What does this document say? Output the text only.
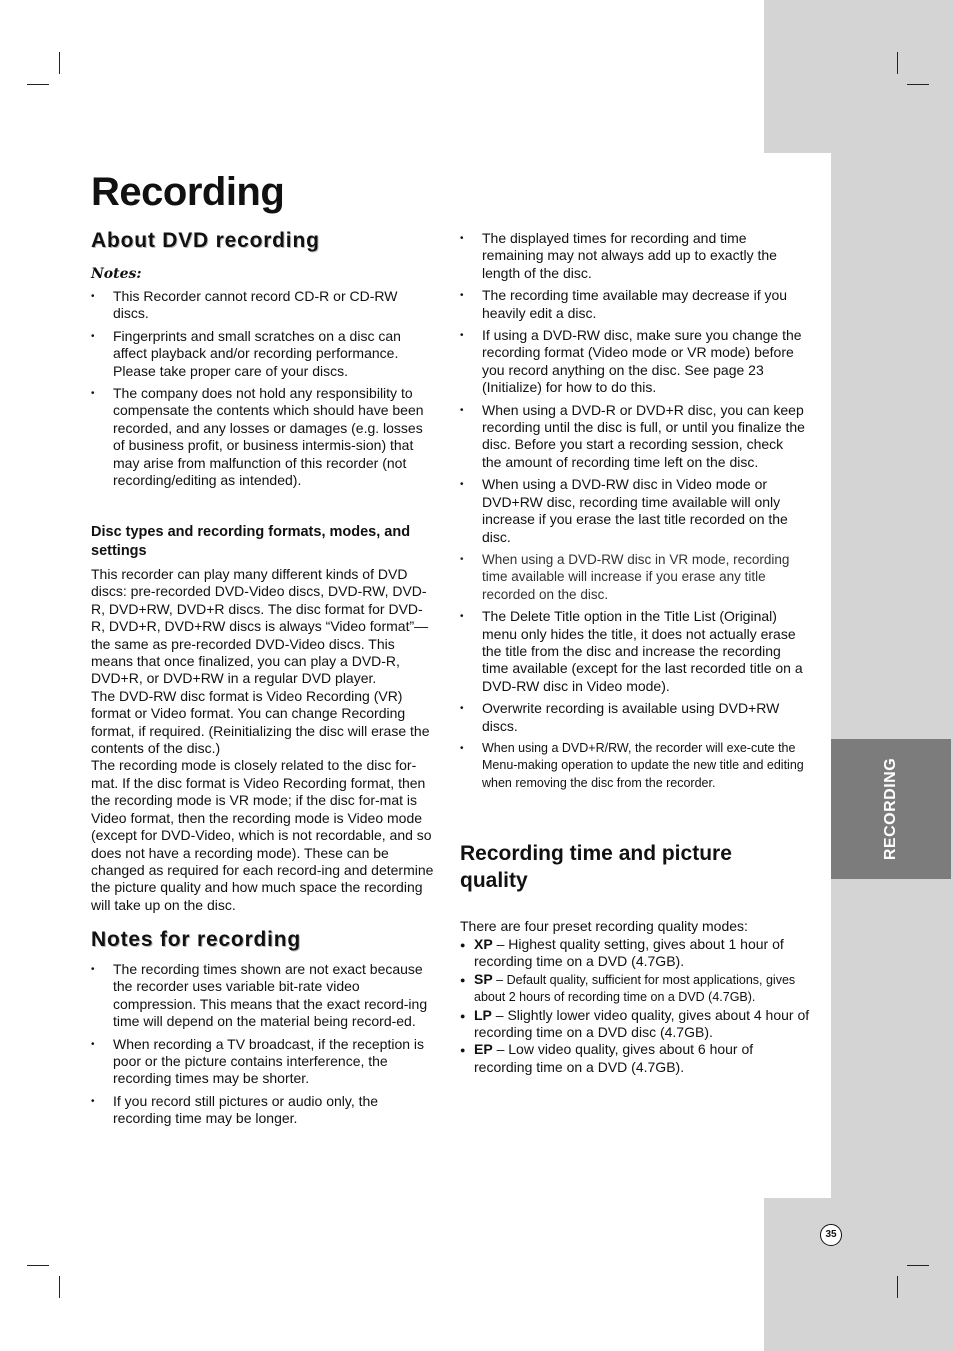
RECORDING
Recording
About DVD recording
Notes:
• This Recorder cannot record CD-R or CD-RW discs.
• Fingerprints and small scratches on a disc can affect playback and/or recording performance. Please take proper care of your discs.
• The company does not hold any responsibility to compensate the contents which should have been recorded, and any losses or damages (e.g. losses of business profit, or business intermis-sion) that may arise from malfunction of this recorder (not recording/editing as intended).
Disc types and recording formats, modes, and settings

This recorder can play many different kinds of DVD discs: pre-recorded DVD-Video discs, DVD-RW, DVD-R, DVD+RW, DVD+R discs. The disc format for DVD-R, DVD+R, DVD+RW discs is always “Video format”—the same as pre-recorded DVD-Video discs. This means that once finalized, you can play a DVD-R, DVD+R, or DVD+RW in a regular DVD player.

The DVD-RW disc format is Video Recording (VR) format or Video format. You can change Recording format, if required. (Reinitializing the disc will erase the contents of the disc.)

The recording mode is closely related to the disc for-mat. If the disc format is Video Recording format, then the recording mode is VR mode; if the disc for-mat is Video format, then the recording mode is Video mode (except for DVD-Video, which is not recordable, and so does not have a recording mode). These can be changed as required for each record-ing and determine the picture quality and how much space the recording will take up on the disc.

Notes for recording
• The recording times shown are not exact because the recorder uses variable bit-rate video compression. This means that the exact record-ing time will depend on the material being record-ed.
• When recording a TV broadcast, if the reception is poor or the picture contains interference, the recording times may be shorter.
• If you record still pictures or audio only, the recording time may be longer.
• The displayed times for recording and time remaining may not always add up to exactly the length of the disc.
• The recording time available may decrease if you heavily edit a disc.
• If using a DVD-RW disc, make sure you change the recording format (Video mode or VR mode) before you record anything on the disc. See page 23 (Initialize) for how to do this.
• When using a DVD-R or DVD+R disc, you can keep recording until the disc is full, or until you finalize the disc. Before you start a recording session, check the amount of recording time left on the disc.
• When using a DVD-RW disc in Video mode or DVD+RW disc, recording time available will only increase if you erase the last title recorded on the disc.
• When using a DVD-RW disc in VR mode, recording time available will increase if you erase any title recorded on the disc.
• The Delete Title option in the Title List (Original) menu only hides the title, it does not actually erase the title from the disc and increase the recording time available (except for the last recorded title on a DVD-RW disc in Video mode).
• Overwrite recording is available using DVD+RW discs.
• When using a DVD+R/RW, the recorder will exe-cute the Menu-making operation to update the new title and editing when removing the disc from the recorder.
Recording time and picture quality
There are four preset recording quality modes:
● XP – Highest quality setting, gives about 1 hour of recording time on a DVD (4.7GB).
● SP – Default quality, sufficient for most applications, gives about 2 hours of recording time on a DVD (4.7GB).
● LP – Slightly lower video quality, gives about 4 hour of recording time on a DVD disc (4.7GB).
● EP – Low video quality, gives about 6 hour of recording time on a DVD (4.7GB).
35
